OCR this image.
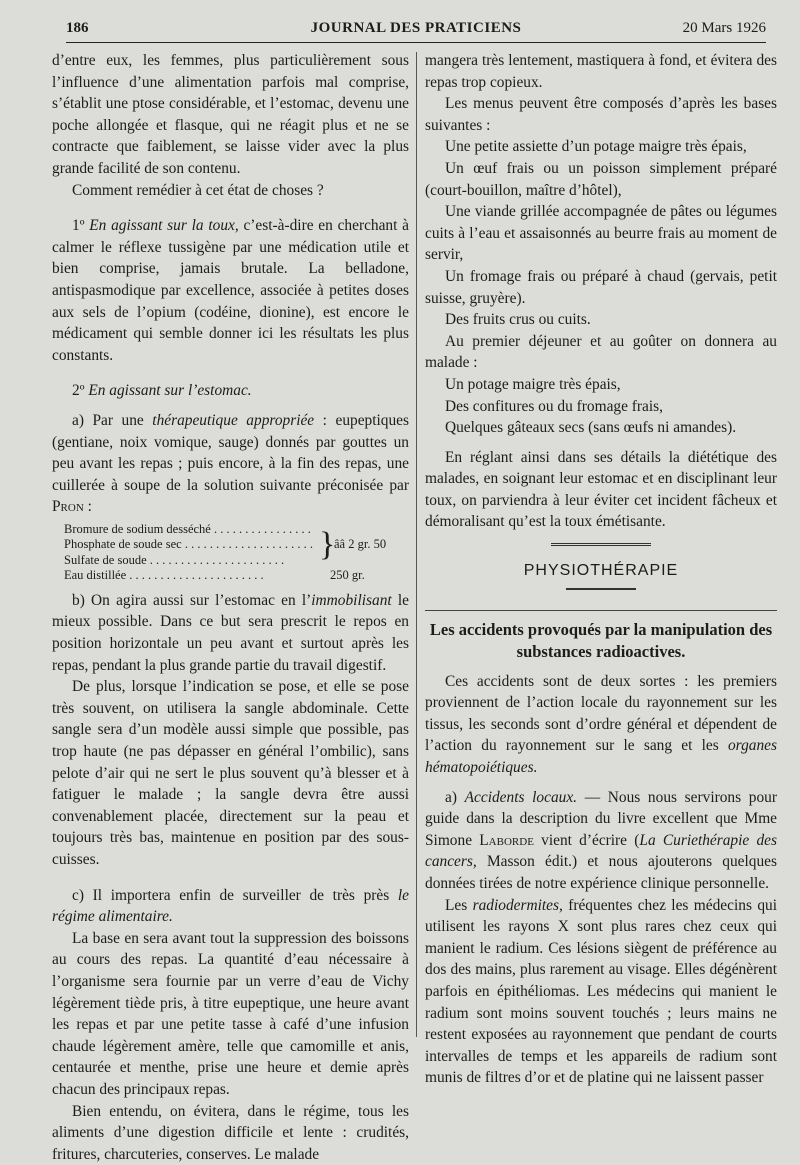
186	JOURNAL DES PRATICIENS	20 Mars 1926

d’entre eux, les femmes, plus particulièrement sous l’influence d’une alimentation parfois mal comprise, s’établit une ptose considérable, et l’estomac, devenu une poche allongée et flasque, qui ne réagit plus et ne se contracte que faiblement, se laisse vider avec la plus grande facilité de son contenu.

Comment remédier à cet état de choses ?

1º En agissant sur la toux, c’est-à-dire en cherchant à calmer le réflexe tussigène par une médication utile et bien comprise, jamais brutale. La belladone, antispasmodique par excellence, associée à petites doses aux sels de l’opium (codéine, dionine), est encore le médicament qui semble donner ici les résultats les plus constants.

2º En agissant sur l’estomac.

a) Par une thérapeutique appropriée : eupeptiques (gentiane, noix vomique, sauge) donnés par gouttes un peu avant les repas ; puis encore, à la fin des repas, une cuillerée à soupe de la solution suivante préconisée par Pron :

Bromure de sodium desséché . . .
Phosphate de soude sec . . .
Sulfate de soude . . .
Eau distillée . . .
}
ââ 2 gr. 50
250 gr.

b) On agira aussi sur l’estomac en l’immobilisant le mieux possible. Dans ce but sera prescrit le repos en position horizontale un peu avant et surtout après les repas, pendant la plus grande partie du travail digestif.

De plus, lorsque l’indication se pose, et elle se pose très souvent, on utilisera la sangle abdominale. Cette sangle sera d’un modèle aussi simple que possible, pas trop haute (ne pas dépasser en général l’ombilic), sans pelote d’air qui ne sert le plus souvent qu’à blesser et à fatiguer le malade ; la sangle devra être aussi convenablement placée, directement sur la peau et toujours très bas, maintenue en position par des sous-cuisses.

c) Il importera enfin de surveiller de très près le régime alimentaire.

La base en sera avant tout la suppression des boissons au cours des repas. La quantité d’eau nécessaire à l’organisme sera fournie par un verre d’eau de Vichy légèrement tiède pris, à titre eupeptique, une heure avant les repas et par une petite tasse à café d’une infusion chaude légèrement amère, telle que camomille et anis, centaurée et menthe, prise une heure et demie après chacun des principaux repas.

Bien entendu, on évitera, dans le régime, tous les aliments d’une digestion difficile et lente : crudités, fritures, charcuteries, conserves. Le malade

mangera très lentement, mastiquera à fond, et évitera des repas trop copieux.

Les menus peuvent être composés d’après les bases suivantes :

Une petite assiette d’un potage maigre très épais,

Un œuf frais ou un poisson simplement préparé (court-bouillon, maître d’hôtel),

Une viande grillée accompagnée de pâtes ou légumes cuits à l’eau et assaisonnés au beurre frais au moment de servir,

Un fromage frais ou préparé à chaud (gervais, petit suisse, gruyère).

Des fruits crus ou cuits.

Au premier déjeuner et au goûter on donnera au malade :

Un potage maigre très épais,

Des confitures ou du fromage frais,

Quelques gâteaux secs (sans œufs ni amandes).

En réglant ainsi dans ses détails la diététique des malades, en soignant leur estomac et en disciplinant leur toux, on parviendra à leur éviter cet incident fâcheux et démoralisant qu’est la toux émétisante.

PHYSIOTHÉRAPIE
Les accidents provoqués par la manipulation des substances radioactives.

Ces accidents sont de deux sortes : les premiers proviennent de l’action locale du rayonnement sur les tissus, les seconds sont d’ordre général et dépendent de l’action du rayonnement sur le sang et les organes hématopoiétiques.

a) Accidents locaux. — Nous nous servirons pour guide dans la description du livre excellent que Mme Simone Laborde vient d’écrire (La Curiethérapie des cancers, Masson édit.) et nous ajouterons quelques données tirées de notre expérience clinique personnelle.

Les radiodermites, fréquentes chez les médecins qui utilisent les rayons X sont plus rares chez ceux qui manient le radium. Ces lésions siègent de préférence au dos des mains, plus rarement au visage. Elles dégénèrent parfois en épithéliomas. Les médecins qui manient le radium sont moins souvent touchés ; leurs mains ne restent exposées au rayonnement que pendant de courts intervalles de temps et les appareils de radium sont munis de filtres d’or et de platine qui ne laissent passer
